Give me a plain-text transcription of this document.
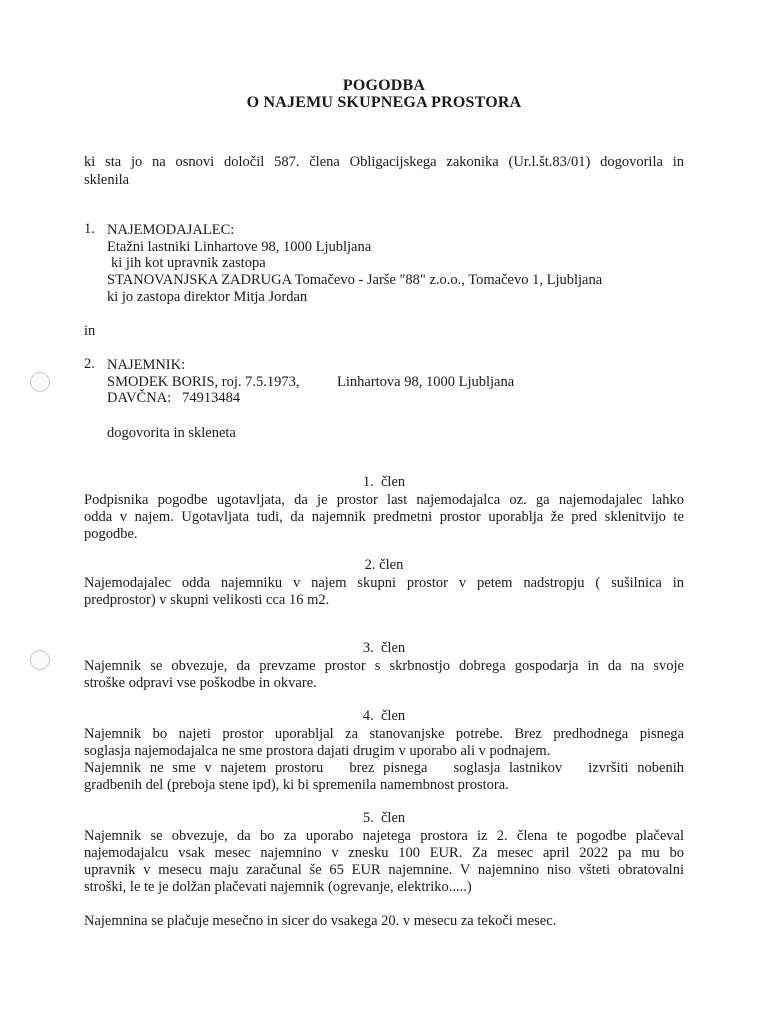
POGODBA
O NAJEMU SKUPNEGA PROSTORA

ki sta jo na osnovi določil 587. člena Obligacijskega zakonika (Ur.l.št.83/01) dogovorila in

sklenila

1. NAJEMODAJALEC:

Etažni lastniki Linhartove 98, 1000 Ljubljana

ki jih kot upravnik zastopa

STANOVANJSKA ZADRUGA Tomačevo - Jarše "88" z.o.o., Tomačevo 1, Ljubljana

ki jo zastopa direktor Mitja Jordan

in

2. NAJEMNIK:

SMODEK BORIS, roj. 7.5.1973,	Linhartova 98, 1000 Ljubljana

DAVČNA:   74913484

dogovorita in skleneta

1.  člen

Podpisnika pogodbe ugotavljata, da je prostor last najemodajalca oz. ga najemodajalec lahko

odda v najem. Ugotavljata tudi, da najemnik predmetni prostor uporablja že pred sklenitvijo te

pogodbe.

2. člen

Najemodajalec odda najemniku v najem skupni prostor v petem nadstropju ( sušilnica in

predprostor) v skupni velikosti cca 16 m2.

3.  člen

Najemnik se obvezuje, da prevzame prostor s skrbnostjo dobrega gospodarja in da na svoje

stroške odpravi vse poškodbe in okvare.

4.  člen

Najemnik bo najeti prostor uporabljal za stanovanjske potrebe. Brez predhodnega pisnega

soglasja najemodajalca ne sme prostora dajati drugim v uporabo ali v podnajem.

Najemnik ne sme v najetem prostoru   brez pisnega   soglasja lastnikov   izvršiti nobenih

gradbenih del (preboja stene ipd), ki bi spremenila namembnost prostora.

5.  člen

Najemnik se obvezuje, da bo za uporabo najetega prostora iz 2. člena te pogodbe plačeval

najemodajalcu vsak mesec najemnino v znesku 100 EUR. Za mesec april 2022 pa mu bo

upravnik v mesecu maju zaračunal še 65 EUR najemnine. V najemnino niso všteti obratovalni

stroški, le te je dolžan plačevati najemnik (ogrevanje, elektriko.....)

Najemnina se plačuje mesečno in sicer do vsakega 20. v mesecu za tekoči mesec.
